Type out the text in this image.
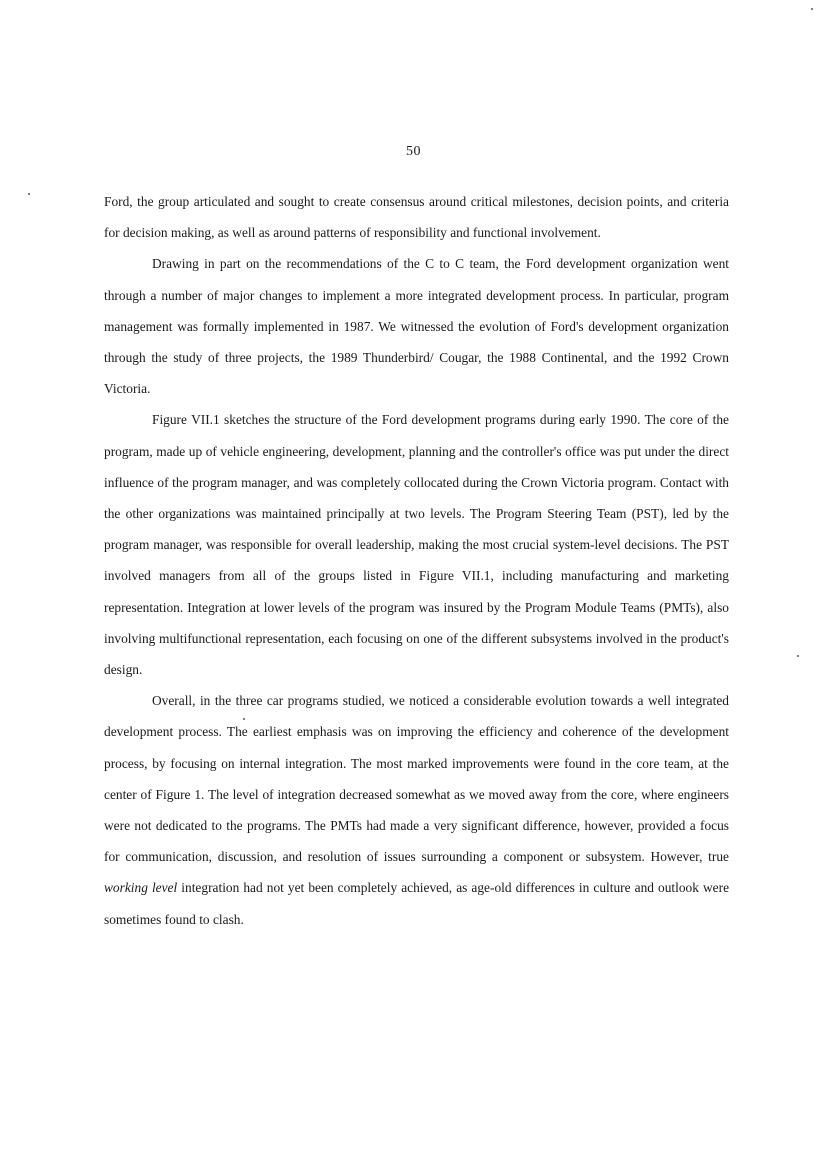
50

Ford, the group articulated and sought to create consensus around critical milestones, decision points, and criteria for decision making, as well as around patterns of responsibility and functional involvement.

Drawing in part on the recommendations of the C to C team, the Ford development organization went through a number of major changes to implement a more integrated development process. In particular, program management was formally implemented in 1987. We witnessed the evolution of Ford's development organization through the study of three projects, the 1989 Thunderbird/ Cougar, the 1988 Continental, and the 1992 Crown Victoria.

Figure VII.1 sketches the structure of the Ford development programs during early 1990. The core of the program, made up of vehicle engineering, development, planning and the controller's office was put under the direct influence of the program manager, and was completely collocated during the Crown Victoria program. Contact with the other organizations was maintained principally at two levels. The Program Steering Team (PST), led by the program manager, was responsible for overall leadership, making the most crucial system-level decisions. The PST involved managers from all of the groups listed in Figure VII.1, including manufacturing and marketing representation. Integration at lower levels of the program was insured by the Program Module Teams (PMTs), also involving multifunctional representation, each focusing on one of the different subsystems involved in the product's design.

Overall, in the three car programs studied, we noticed a considerable evolution towards a well integrated development process. The earliest emphasis was on improving the efficiency and coherence of the development process, by focusing on internal integration. The most marked improvements were found in the core team, at the center of Figure 1. The level of integration decreased somewhat as we moved away from the core, where engineers were not dedicated to the programs. The PMTs had made a very significant difference, however, provided a focus for communication, discussion, and resolution of issues surrounding a component or subsystem. However, true working level integration had not yet been completely achieved, as age-old differences in culture and outlook were sometimes found to clash.
